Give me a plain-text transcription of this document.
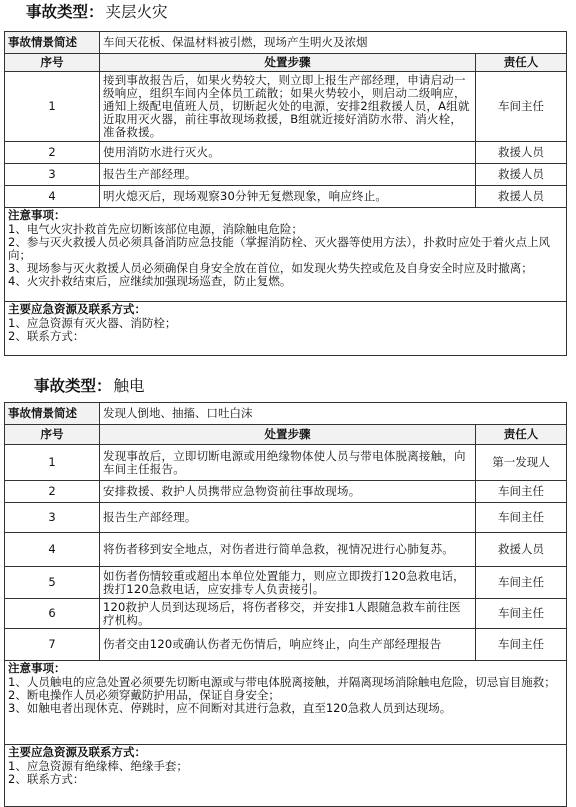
事故类型： 夹层火灾
事故情景简述	车间天花板、保温材料被引燃，现场产生明火及浓烟	
序号	处置步骤	责任人
1	接到事故报告后，如果火势较大，则立即上报生产部经理，申请启动一级响应，组织车间内全体员工疏散；如果火势较小，则启动二级响应，通知上级配电值班人员，切断起火处的电源，安排2组救援人员，A组就近取用灭火器，前往事故现场救援，B组就近接好消防水带、消火栓，准备救援。	车间主任
2	使用消防水进行灭火。	救援人员
3	报告生产部经理。	救援人员
4	明火熄灭后，现场观察30分钟无复燃现象，响应终止。	救援人员

注意事项：
1、电气火灾扑救首先应切断该部位电源，消除触电危险；
2、参与灭火救援人员必须具备消防应急技能（掌握消防栓、灭火器等使用方法），扑救时应处于着火点上风向；
3、现场参与灭火救援人员必须确保自身安全放在首位，如发现火势失控或危及自身安全时应及时撤离；
4、火灾扑救结束后，应继续加强现场巡查，防止复燃。		

主要应急资源及联系方式：
1、应急资源有灭火器、消防栓；
2、联系方式：		
事故类型： 触电
事故情景简述	发现人倒地、抽搐、口吐白沫	
序号	处置步骤	责任人
1	发现事故后，立即切断电源或用绝缘物体使人员与带电体脱离接触，向车间主任报告。	第一发现人
2	安排救援、救护人员携带应急物资前往事故现场。	车间主任
3	报告生产部经理。	车间主任
4	将伤者移到安全地点，对伤者进行简单急救，视情况进行心肺复苏。	救援人员
5	如伤者伤情较重或超出本单位处置能力，则应立即拨打120急救电话，拨打120急救电话，应安排专人负责接引。	车间主任
6	120救护人员到达现场后，将伤者移交，并安排1人跟随急救车前往医疗机构。	车间主任
7	伤者交由120或确认伤者无伤情后，响应终止，向生产部经理报告	车间主任

注意事项：
1、人员触电的应急处置必须要先切断电源或与带电体脱离接触，并隔离现场消除触电危险，切忌盲目施救；
2、断电操作人员必须穿戴防护用品，保证自身安全；
3、如触电者出现休克、停跳时，应不间断对其进行急救，直至120急救人员到达现场。		

主要应急资源及联系方式：
1、应急资源有绝缘棒、绝缘手套；
2、联系方式：		
